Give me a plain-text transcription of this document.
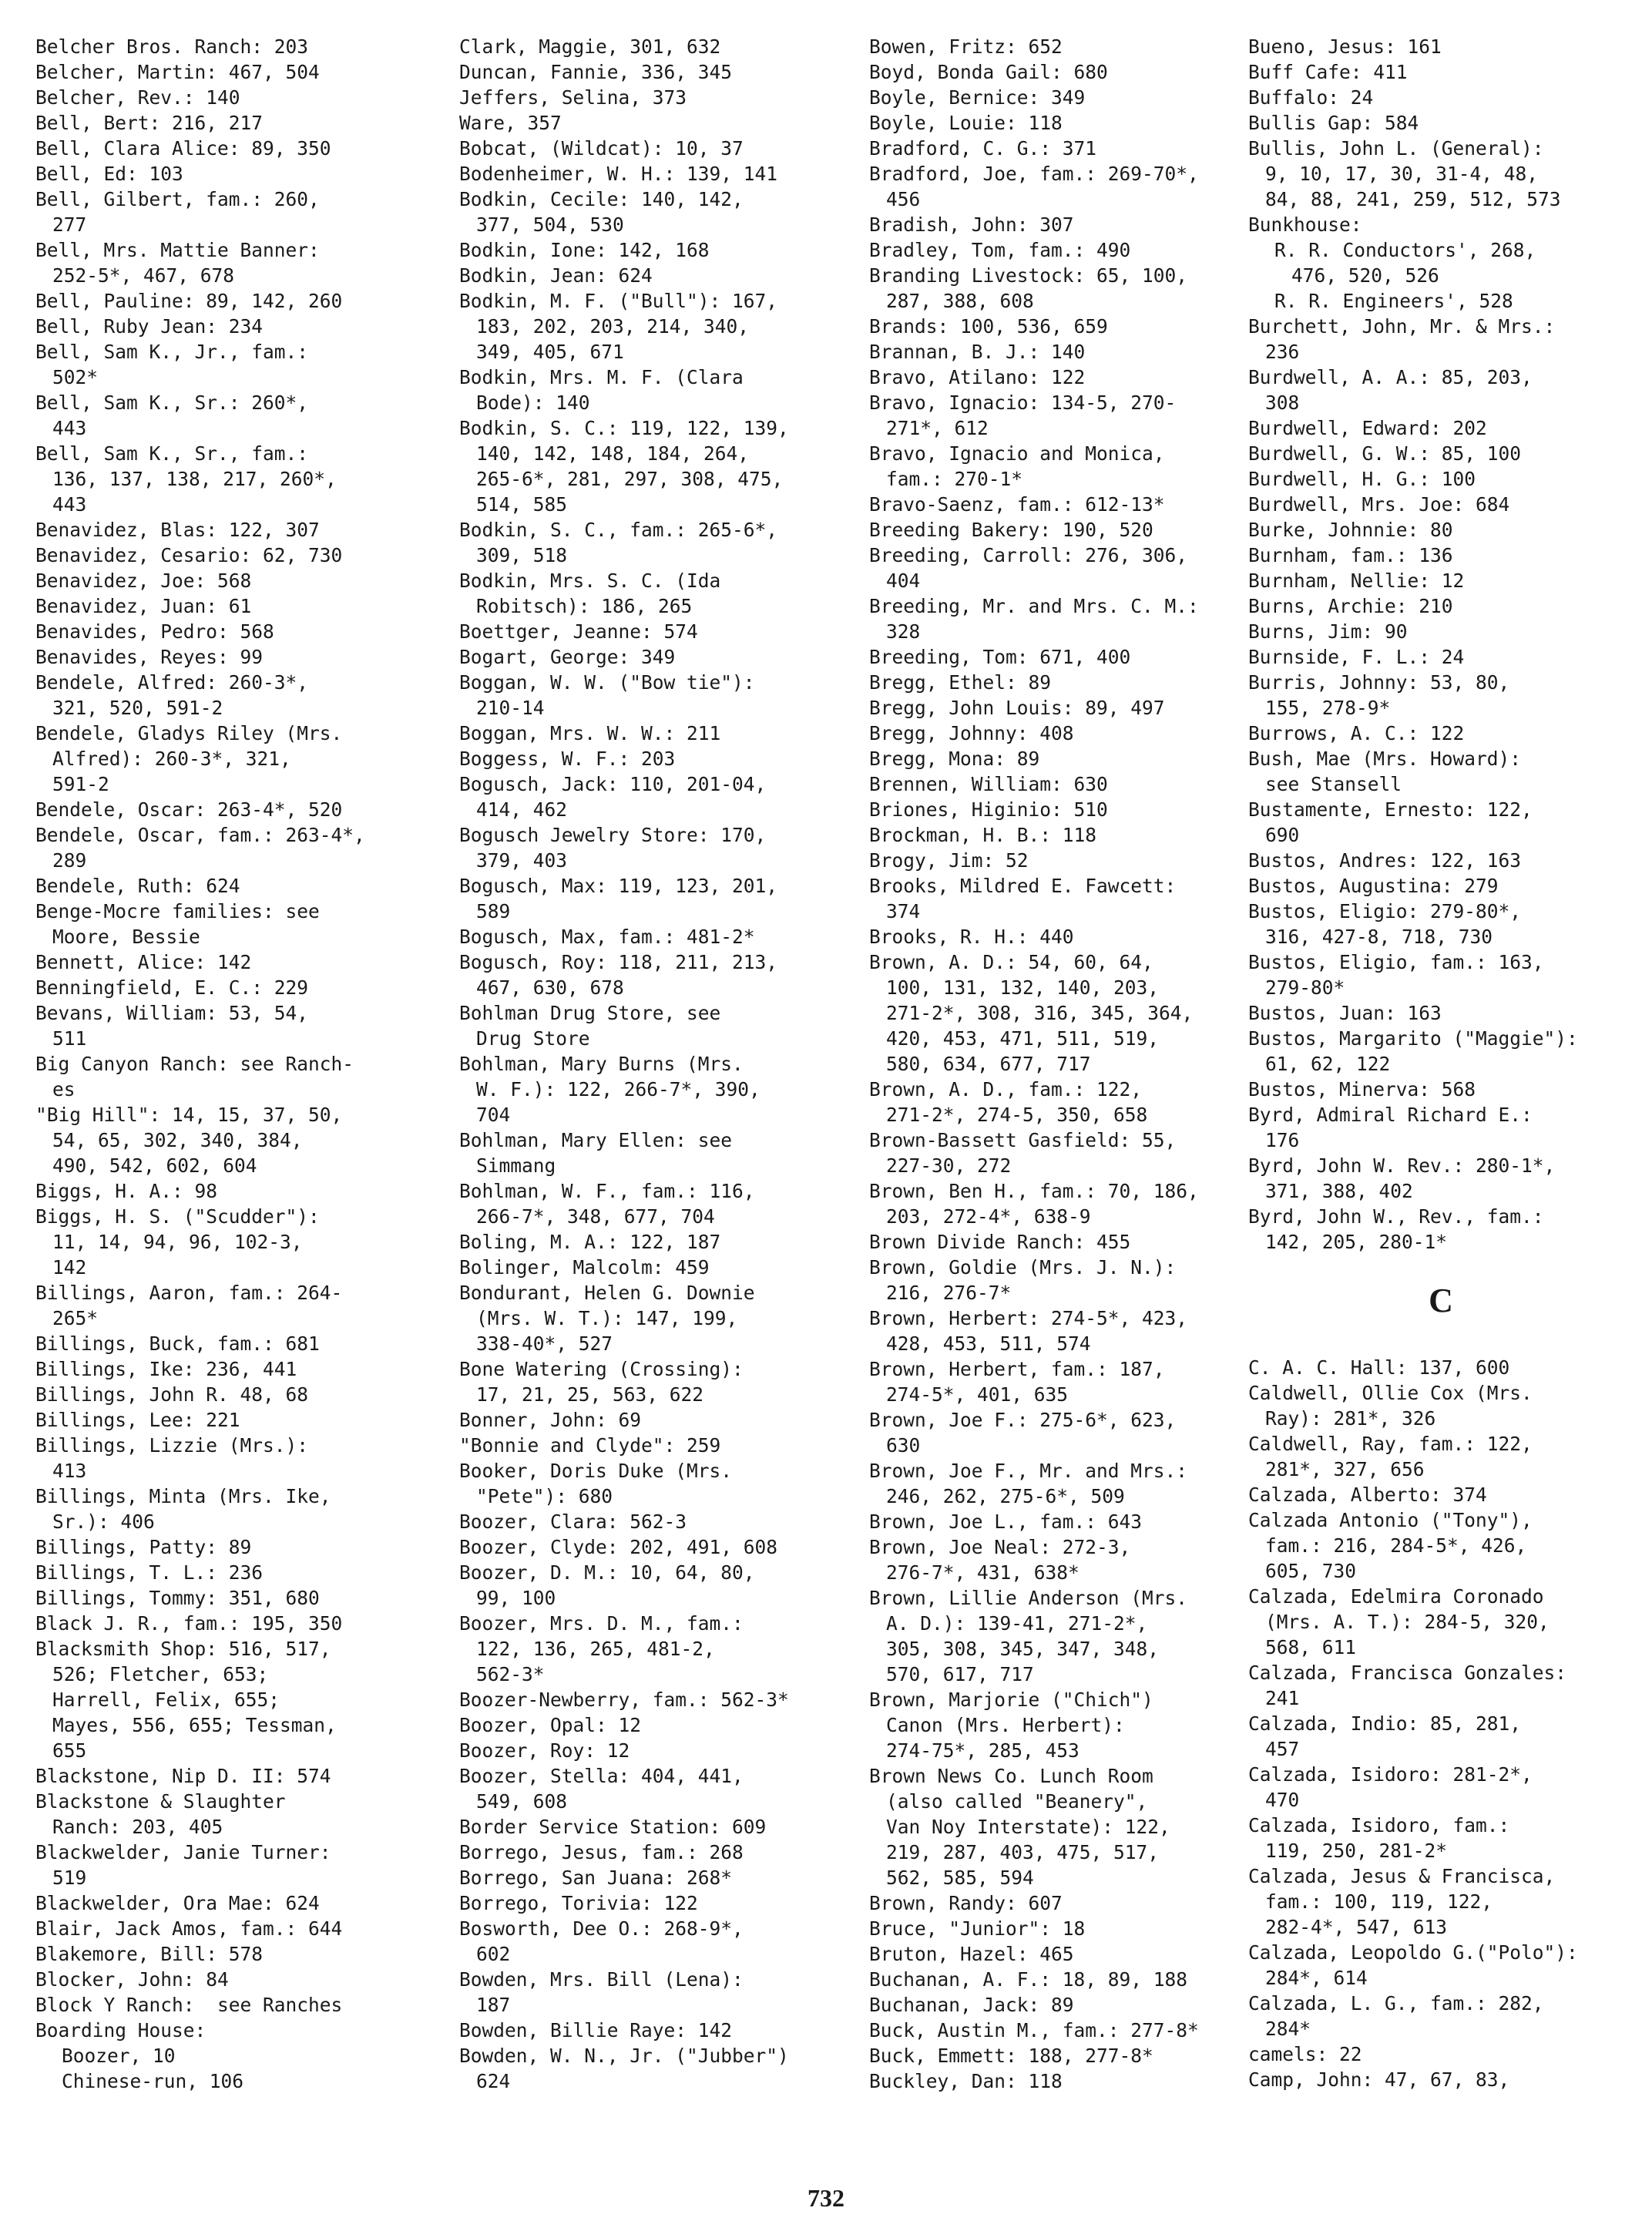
Belcher Bros. Ranch: 203
Belcher, Martin: 467, 504
Belcher, Rev.: 140
Bell, Bert: 216, 217
Bell, Clara Alice: 89, 350
Bell, Ed: 103
Bell, Gilbert, fam.: 260,
277
Bell, Mrs. Mattie Banner:
252-5*, 467, 678
Bell, Pauline: 89, 142, 260
Bell, Ruby Jean: 234
Bell, Sam K., Jr., fam.:
502*
Bell, Sam K., Sr.: 260*,
443
Bell, Sam K., Sr., fam.:
136, 137, 138, 217, 260*,
443
Benavidez, Blas: 122, 307
Benavidez, Cesario: 62, 730
Benavidez, Joe: 568
Benavidez, Juan: 61
Benavides, Pedro: 568
Benavides, Reyes: 99
Bendele, Alfred: 260-3*,
321, 520, 591-2
Bendele, Gladys Riley (Mrs.
Alfred): 260-3*, 321,
591-2
Bendele, Oscar: 263-4*, 520
Bendele, Oscar, fam.: 263-4*,
289
Bendele, Ruth: 624
Benge-Mocre families: see
Moore, Bessie
Bennett, Alice: 142
Benningfield, E. C.: 229
Bevans, William: 53, 54,
511
Big Canyon Ranch: see Ranch-
es
"Big Hill": 14, 15, 37, 50,
54, 65, 302, 340, 384,
490, 542, 602, 604
Biggs, H. A.: 98
Biggs, H. S. ("Scudder"):
11, 14, 94, 96, 102-3,
142
Billings, Aaron, fam.: 264-
265*
Billings, Buck, fam.: 681
Billings, Ike: 236, 441
Billings, John R. 48, 68
Billings, Lee: 221
Billings, Lizzie (Mrs.):
413
Billings, Minta (Mrs. Ike,
Sr.): 406
Billings, Patty: 89
Billings, T. L.: 236
Billings, Tommy: 351, 680
Black J. R., fam.: 195, 350
Blacksmith Shop: 516, 517,
526; Fletcher, 653;
Harrell, Felix, 655;
Mayes, 556, 655; Tessman,
655
Blackstone, Nip D. II: 574
Blackstone & Slaughter
Ranch: 203, 405
Blackwelder, Janie Turner:
519
Blackwelder, Ora Mae: 624
Blair, Jack Amos, fam.: 644
Blakemore, Bill: 578
Blocker, John: 84
Block Y Ranch:  see Ranches
Boarding House:
Boozer, 10
Chinese-run, 106
Clark, Maggie, 301, 632
Duncan, Fannie, 336, 345
Jeffers, Selina, 373
Ware, 357
Bobcat, (Wildcat): 10, 37
Bodenheimer, W. H.: 139, 141
Bodkin, Cecile: 140, 142,
377, 504, 530
Bodkin, Ione: 142, 168
Bodkin, Jean: 624
Bodkin, M. F. ("Bull"): 167,
183, 202, 203, 214, 340,
349, 405, 671
Bodkin, Mrs. M. F. (Clara
Bode): 140
Bodkin, S. C.: 119, 122, 139,
140, 142, 148, 184, 264,
265-6*, 281, 297, 308, 475,
514, 585
Bodkin, S. C., fam.: 265-6*,
309, 518
Bodkin, Mrs. S. C. (Ida
Robitsch): 186, 265
Boettger, Jeanne: 574
Bogart, George: 349
Boggan, W. W. ("Bow tie"):
210-14
Boggan, Mrs. W. W.: 211
Boggess, W. F.: 203
Bogusch, Jack: 110, 201-04,
414, 462
Bogusch Jewelry Store: 170,
379, 403
Bogusch, Max: 119, 123, 201,
589
Bogusch, Max, fam.: 481-2*
Bogusch, Roy: 118, 211, 213,
467, 630, 678
Bohlman Drug Store, see
Drug Store
Bohlman, Mary Burns (Mrs.
W. F.): 122, 266-7*, 390,
704
Bohlman, Mary Ellen: see
Simmang
Bohlman, W. F., fam.: 116,
266-7*, 348, 677, 704
Boling, M. A.: 122, 187
Bolinger, Malcolm: 459
Bondurant, Helen G. Downie
(Mrs. W. T.): 147, 199,
338-40*, 527
Bone Watering (Crossing):
17, 21, 25, 563, 622
Bonner, John: 69
"Bonnie and Clyde": 259
Booker, Doris Duke (Mrs.
"Pete"): 680
Boozer, Clara: 562-3
Boozer, Clyde: 202, 491, 608
Boozer, D. M.: 10, 64, 80,
99, 100
Boozer, Mrs. D. M., fam.:
122, 136, 265, 481-2,
562-3*
Boozer-Newberry, fam.: 562-3*
Boozer, Opal: 12
Boozer, Roy: 12
Boozer, Stella: 404, 441,
549, 608
Border Service Station: 609
Borrego, Jesus, fam.: 268
Borrego, San Juana: 268*
Borrego, Torivia: 122
Bosworth, Dee O.: 268-9*,
602
Bowden, Mrs. Bill (Lena):
187
Bowden, Billie Raye: 142
Bowden, W. N., Jr. ("Jubber")
624
Bowen, Fritz: 652
Boyd, Bonda Gail: 680
Boyle, Bernice: 349
Boyle, Louie: 118
Bradford, C. G.: 371
Bradford, Joe, fam.: 269-70*,
456
Bradish, John: 307
Bradley, Tom, fam.: 490
Branding Livestock: 65, 100,
287, 388, 608
Brands: 100, 536, 659
Brannan, B. J.: 140
Bravo, Atilano: 122
Bravo, Ignacio: 134-5, 270-
271*, 612
Bravo, Ignacio and Monica,
fam.: 270-1*
Bravo-Saenz, fam.: 612-13*
Breeding Bakery: 190, 520
Breeding, Carroll: 276, 306,
404
Breeding, Mr. and Mrs. C. M.:
328
Breeding, Tom: 671, 400
Bregg, Ethel: 89
Bregg, John Louis: 89, 497
Bregg, Johnny: 408
Bregg, Mona: 89
Brennen, William: 630
Briones, Higinio: 510
Brockman, H. B.: 118
Brogy, Jim: 52
Brooks, Mildred E. Fawcett:
374
Brooks, R. H.: 440
Brown, A. D.: 54, 60, 64,
100, 131, 132, 140, 203,
271-2*, 308, 316, 345, 364,
420, 453, 471, 511, 519,
580, 634, 677, 717
Brown, A. D., fam.: 122,
271-2*, 274-5, 350, 658
Brown-Bassett Gasfield: 55,
227-30, 272
Brown, Ben H., fam.: 70, 186,
203, 272-4*, 638-9
Brown Divide Ranch: 455
Brown, Goldie (Mrs. J. N.):
216, 276-7*
Brown, Herbert: 274-5*, 423,
428, 453, 511, 574
Brown, Herbert, fam.: 187,
274-5*, 401, 635
Brown, Joe F.: 275-6*, 623,
630
Brown, Joe F., Mr. and Mrs.:
246, 262, 275-6*, 509
Brown, Joe L., fam.: 643
Brown, Joe Neal: 272-3,
276-7*, 431, 638*
Brown, Lillie Anderson (Mrs.
A. D.): 139-41, 271-2*,
305, 308, 345, 347, 348,
570, 617, 717
Brown, Marjorie ("Chich")
Canon (Mrs. Herbert):
274-75*, 285, 453
Brown News Co. Lunch Room
(also called "Beanery",
Van Noy Interstate): 122,
219, 287, 403, 475, 517,
562, 585, 594
Brown, Randy: 607
Bruce, "Junior": 18
Bruton, Hazel: 465
Buchanan, A. F.: 18, 89, 188
Buchanan, Jack: 89
Buck, Austin M., fam.: 277-8*
Buck, Emmett: 188, 277-8*
Buckley, Dan: 118
Bueno, Jesus: 161
Buff Cafe: 411
Buffalo: 24
Bullis Gap: 584
Bullis, John L. (General):
9, 10, 17, 30, 31-4, 48,
84, 88, 241, 259, 512, 573
Bunkhouse:
R. R. Conductors', 268,
476, 520, 526
R. R. Engineers', 528
Burchett, John, Mr. & Mrs.:
236
Burdwell, A. A.: 85, 203,
308
Burdwell, Edward: 202
Burdwell, G. W.: 85, 100
Burdwell, H. G.: 100
Burdwell, Mrs. Joe: 684
Burke, Johnnie: 80
Burnham, fam.: 136
Burnham, Nellie: 12
Burns, Archie: 210
Burns, Jim: 90
Burnside, F. L.: 24
Burris, Johnny: 53, 80,
155, 278-9*
Burrows, A. C.: 122
Bush, Mae (Mrs. Howard):
see Stansell
Bustamente, Ernesto: 122,
690
Bustos, Andres: 122, 163
Bustos, Augustina: 279
Bustos, Eligio: 279-80*,
316, 427-8, 718, 730
Bustos, Eligio, fam.: 163,
279-80*
Bustos, Juan: 163
Bustos, Margarito ("Maggie"):
61, 62, 122
Bustos, Minerva: 568
Byrd, Admiral Richard E.:
176
Byrd, John W. Rev.: 280-1*,
371, 388, 402
Byrd, John W., Rev., fam.:
142, 205, 280-1*
C
C. A. C. Hall: 137, 600
Caldwell, Ollie Cox (Mrs.
Ray): 281*, 326
Caldwell, Ray, fam.: 122,
281*, 327, 656
Calzada, Alberto: 374
Calzada Antonio ("Tony"),
fam.: 216, 284-5*, 426,
605, 730
Calzada, Edelmira Coronado
(Mrs. A. T.): 284-5, 320,
568, 611
Calzada, Francisca Gonzales:
241
Calzada, Indio: 85, 281,
457
Calzada, Isidoro: 281-2*,
470
Calzada, Isidoro, fam.:
119, 250, 281-2*
Calzada, Jesus & Francisca,
fam.: 100, 119, 122,
282-4*, 547, 613
Calzada, Leopoldo G.("Polo"):
284*, 614
Calzada, L. G., fam.: 282,
284*
camels: 22
Camp, John: 47, 67, 83,
732
